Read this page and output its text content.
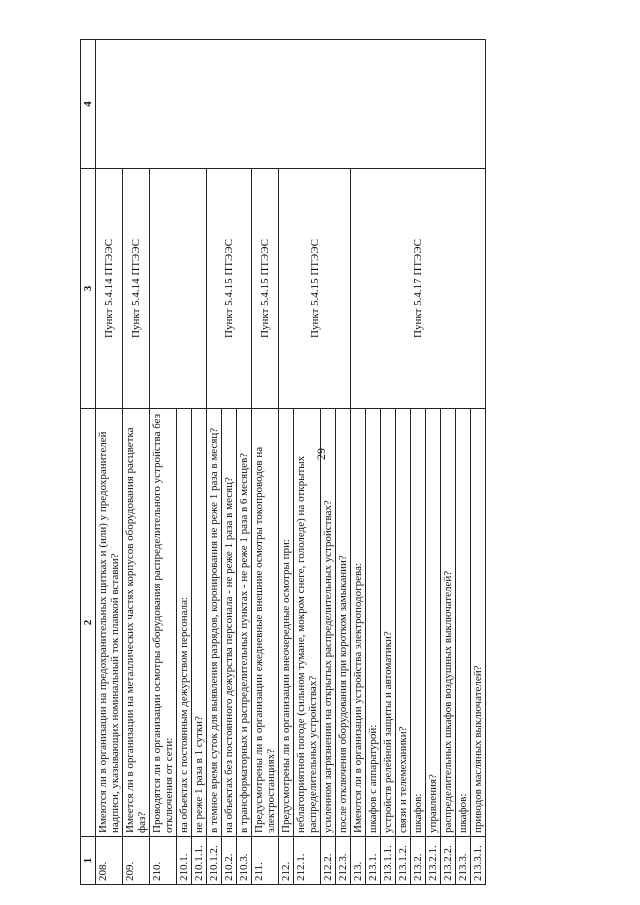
29
1	2	3	4
208.	Имеются ли в организации на предохранительных щитках и (или) у предохранителей надписи, указывающих номинальный ток плавкой вставки?	Пункт 5.4.14 ПТЭЭС	
209.	Имеется ли в организации на металлических частях корпусов оборудования расцветка фаз?	Пункт 5.4.14 ПТЭЭС	
210.	Проводятся ли в организации осмотры оборудования распределительного устройства без отключения от сети:		
210.1.	на объектах с постоянным дежурством персонала:		
210.1.1.	не реже 1 раза в 1 сутки?		
210.1.2.	в темное время суток для выявления разрядов, коронирования не реже 1 раза в месяц?	Пункт 5.4.15 ПТЭЭС	
210.2.	на объектах без постоянного дежурства персонала - не реже 1 раза в месяц?		
210.3.	в трансформаторных и распределительных пунктах - не реже 1 раза в 6 месяцев?		
211.	Предусмотрены ли в организации ежедневные внешние осмотры токопроводов на электростанциях?	Пункт 5.4.15 ПТЭЭС	
212.	Предусмотрены ли в организации внеочередные осмотры при:	Пункт 5.4.15 ПТЭЭС	
212.1.	неблагоприятной погоде (сильном тумане, мокром снеге, гололеде) на открытых распределительных устройствах?		
212.2.	усиленном загрязнении на открытых распределительных устройствах?		
212.3.	после отключения оборудования при коротком замыкании?		
213.	Имеются ли в организации устройства электроподогрева:	Пункт 5.4.17 ПТЭЭС	
213.1.	шкафов с аппаратурой:		
213.1.1.	устройств релейной защиты и автоматики?		
213.1.2.	связи и телемеханики?		
213.2.	шкафов:		
213.2.1.	управления?		
213.2.2.	распределительных шкафов воздушных выключателей?		
213.3.	шкафов:		
213.3.1.	приводов масляных выключателей?		
